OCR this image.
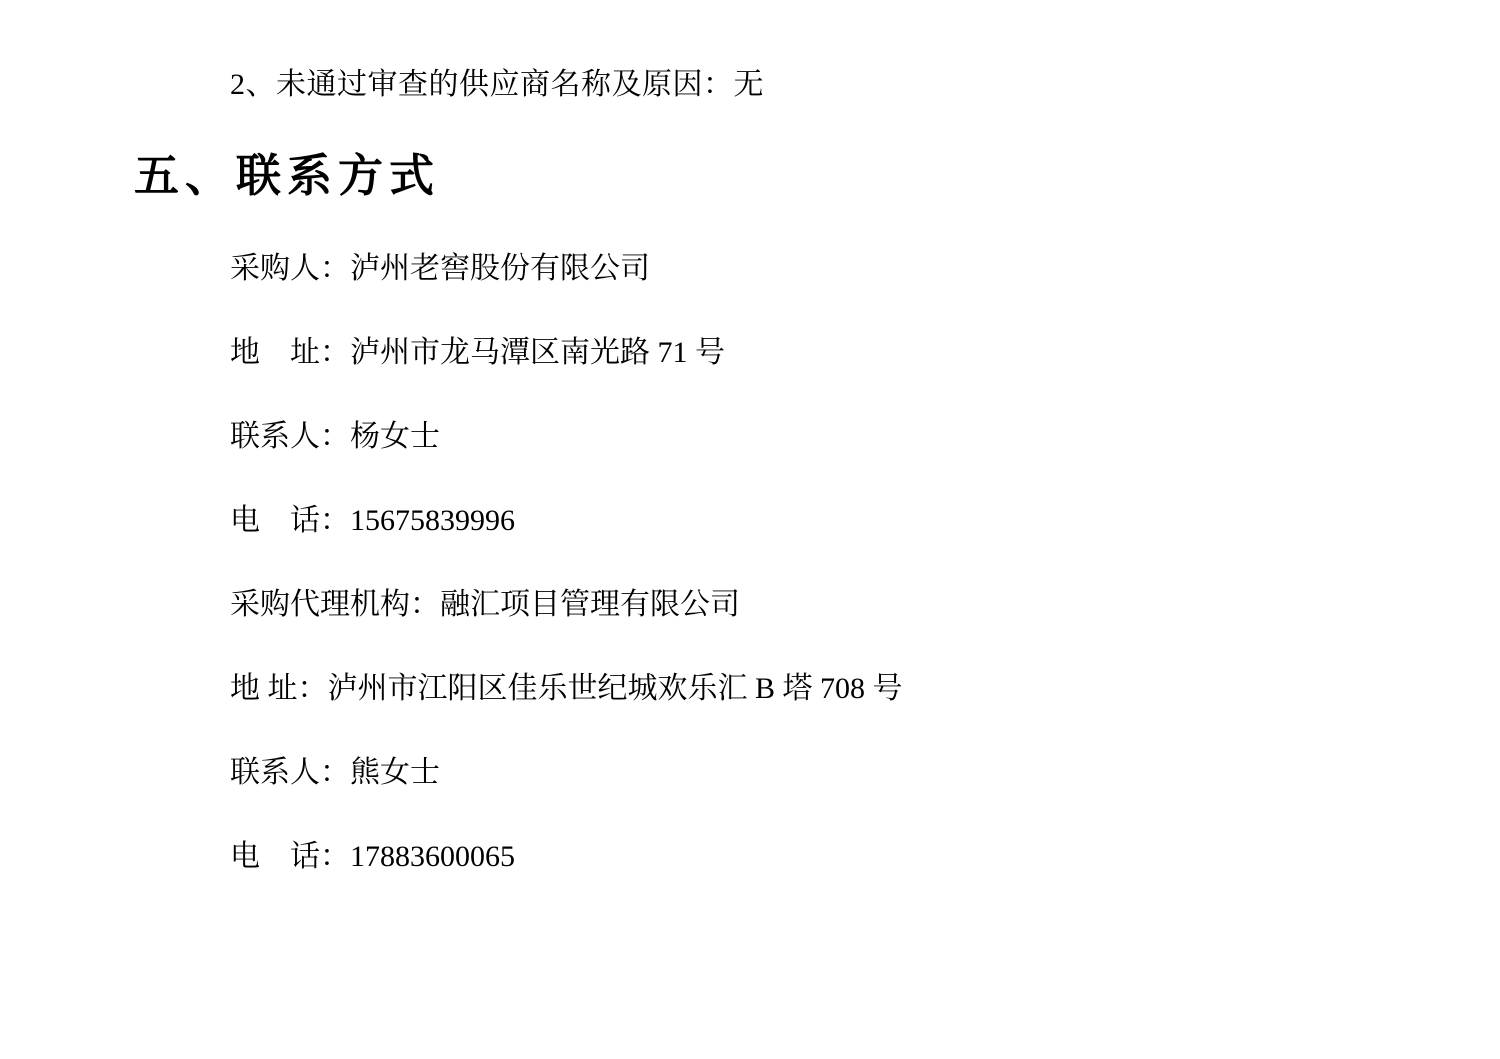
2、未通过审查的供应商名称及原因：无

五、联系方式

采购人：泸州老窖股份有限公司

地　址：泸州市龙马潭区南光路 71 号

联系人：杨女士

电　话：15675839996

采购代理机构：融汇项目管理有限公司

地 址：泸州市江阳区佳乐世纪城欢乐汇 B 塔 708 号

联系人：熊女士

电　话：17883600065
